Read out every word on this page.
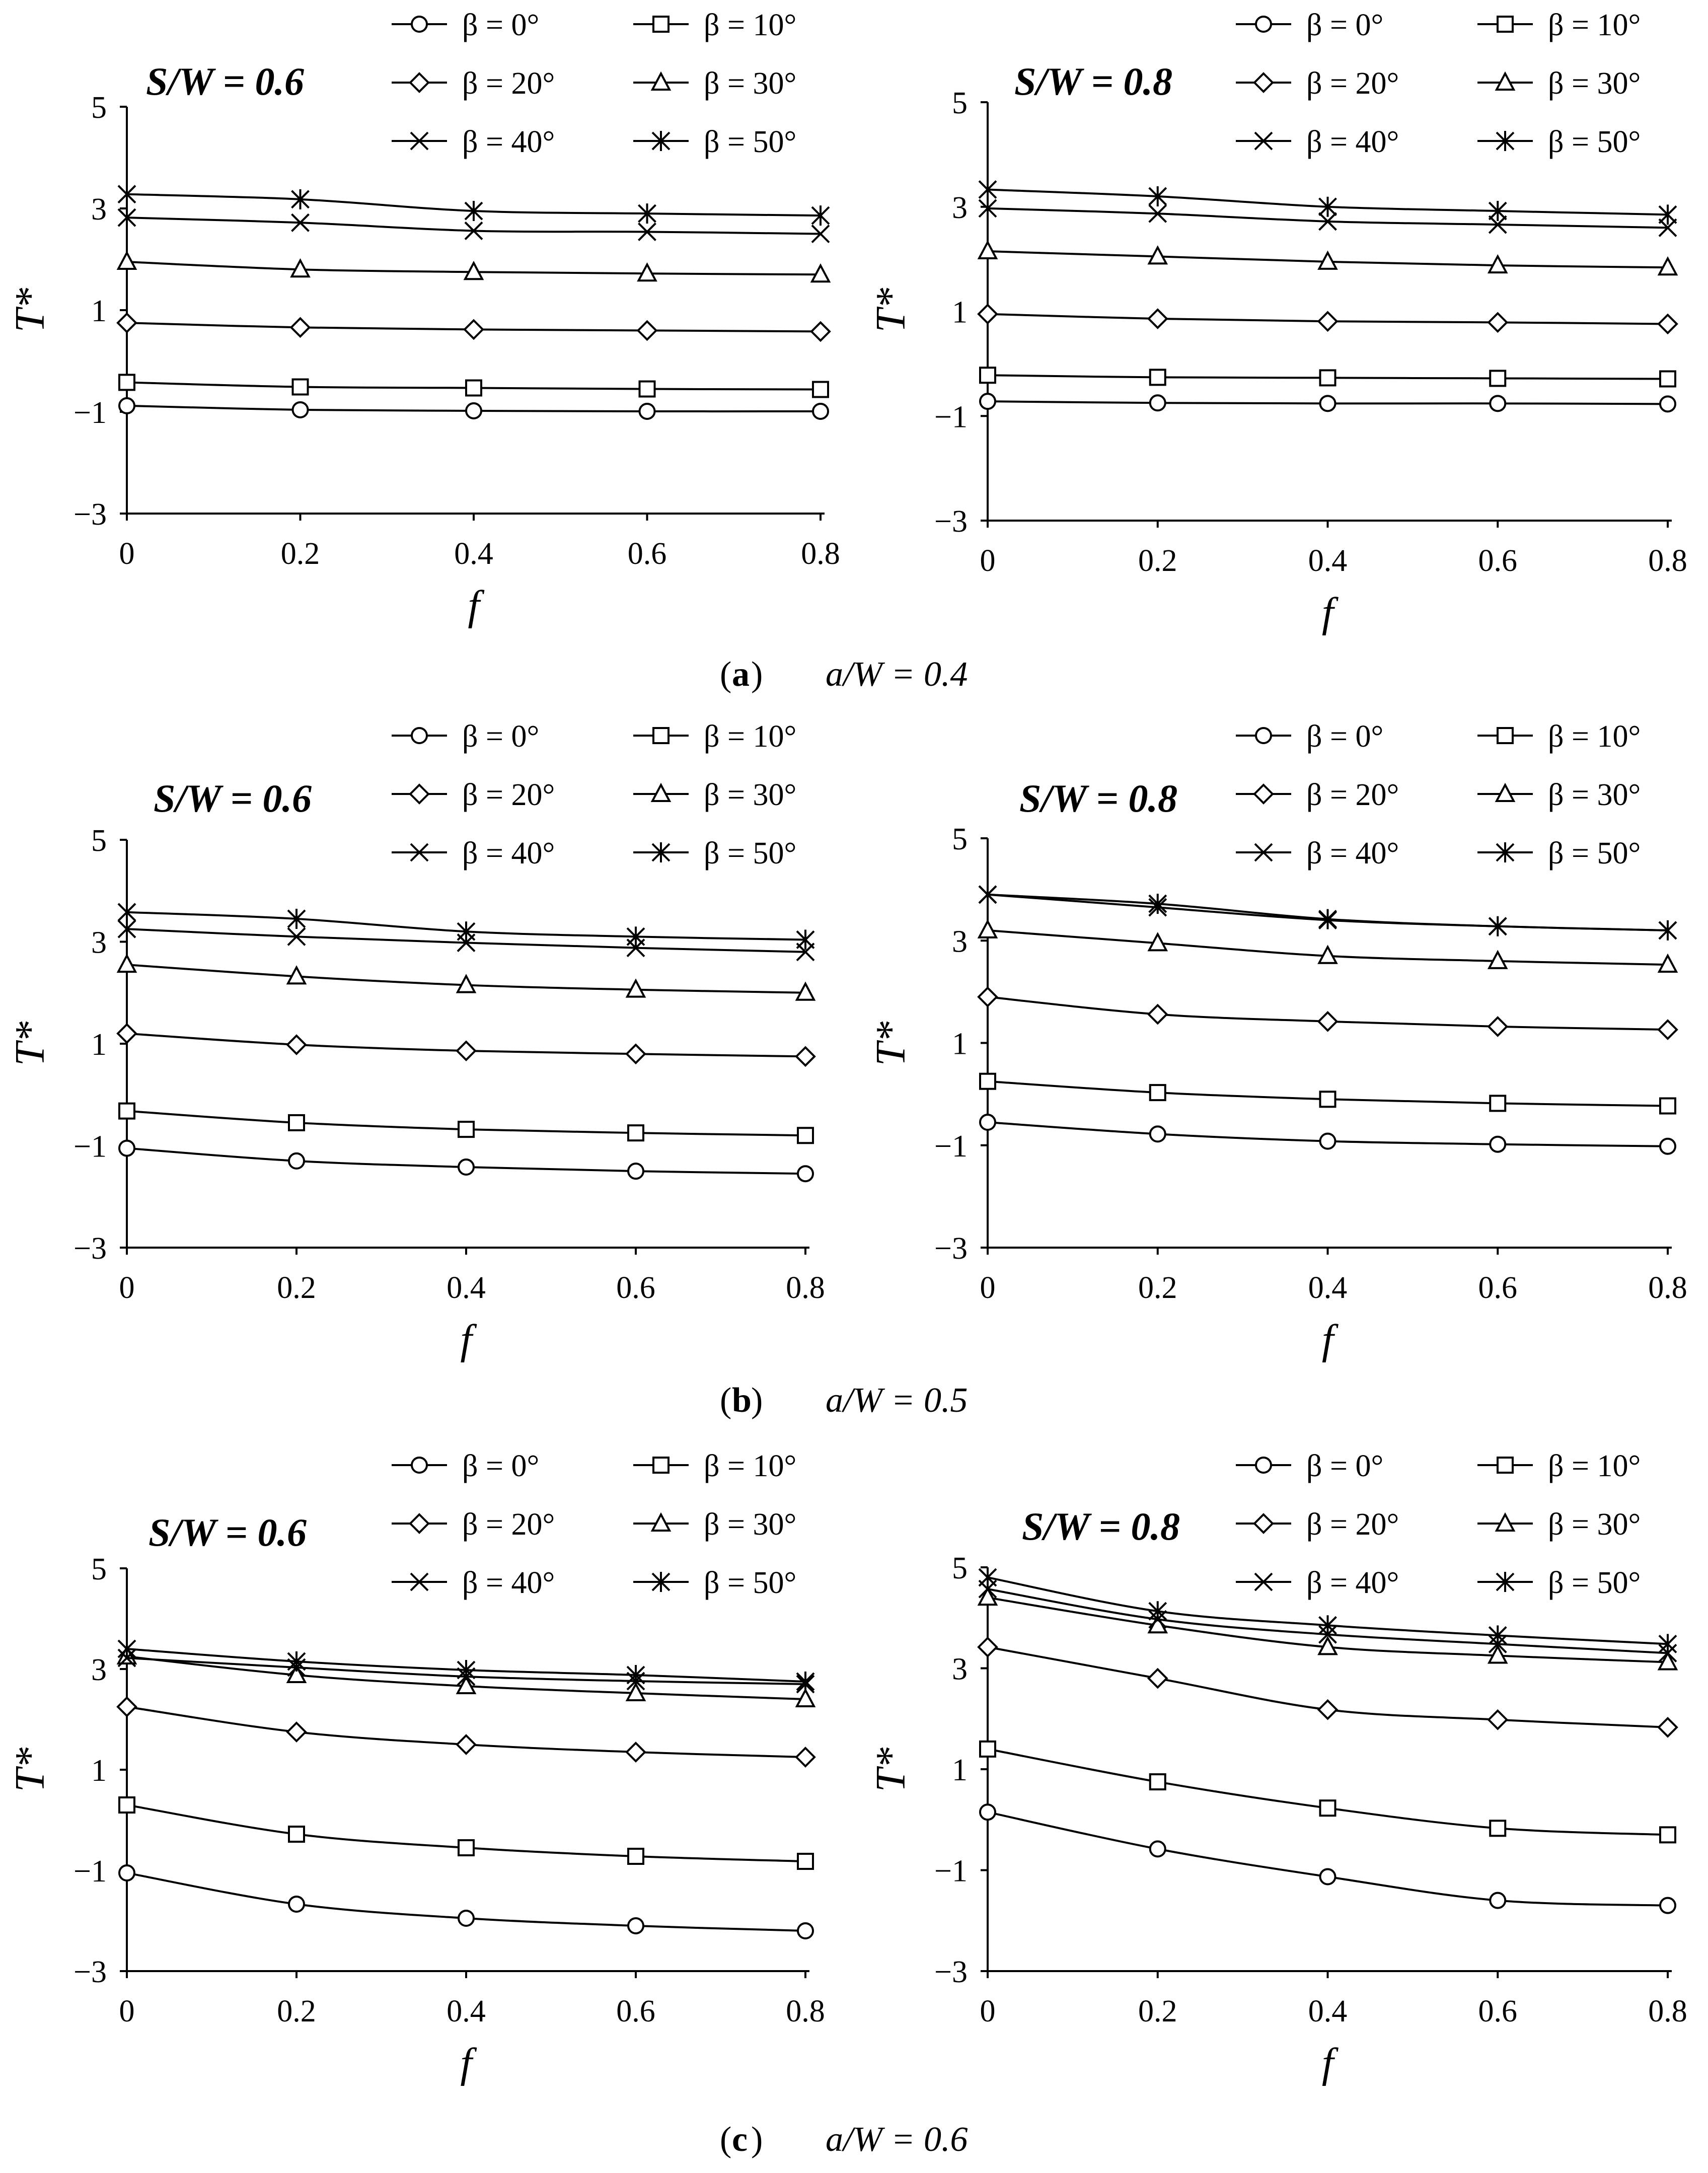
( a ) a/W = 0.4
( b ) a/W = 0.5
( c ) a/W = 0.6
S/W = 0.6	S/W = 0.8
S/W = 0.6	S/W = 0.8
S/W = 0.6	S/W = 0.8
5
3
1
−1
−3
0	0.2	0.4	0.6	0.8
f
T*
β = 0°	β = 10°
β = 20°	β = 30°
β = 40°	β = 50°
5
3
1
−1
−3
0	0.2	0.4	0.6	0.8
f
T*
β = 0°	β = 10°
β = 20°	β = 30°
β = 40°	β = 50°
5
3
1
−1
−3
0	0.2	0.4	0.6	0.8
f
T*
β = 0°	β = 10°
β = 20°	β = 30°
β = 40°	β = 50°	5
3
1
−1
−3
0	0.2	0.4	0.6	0.8
f
T*
β = 0°	β = 10°
β = 20°	β = 30°
β = 40°	β = 50°
5
3
1
−1
−3
0	0.2	0.4	0.6	0.8
f
T*
β = 0°	β = 10°
β = 20°	β = 30°
β = 40°	β = 50°	5
3
1
−1
−3
0	0.2	0.4	0.6	0.8
f
T*
β = 0°	β = 10°
β = 20°	β = 30°
β = 40°	β = 50°
